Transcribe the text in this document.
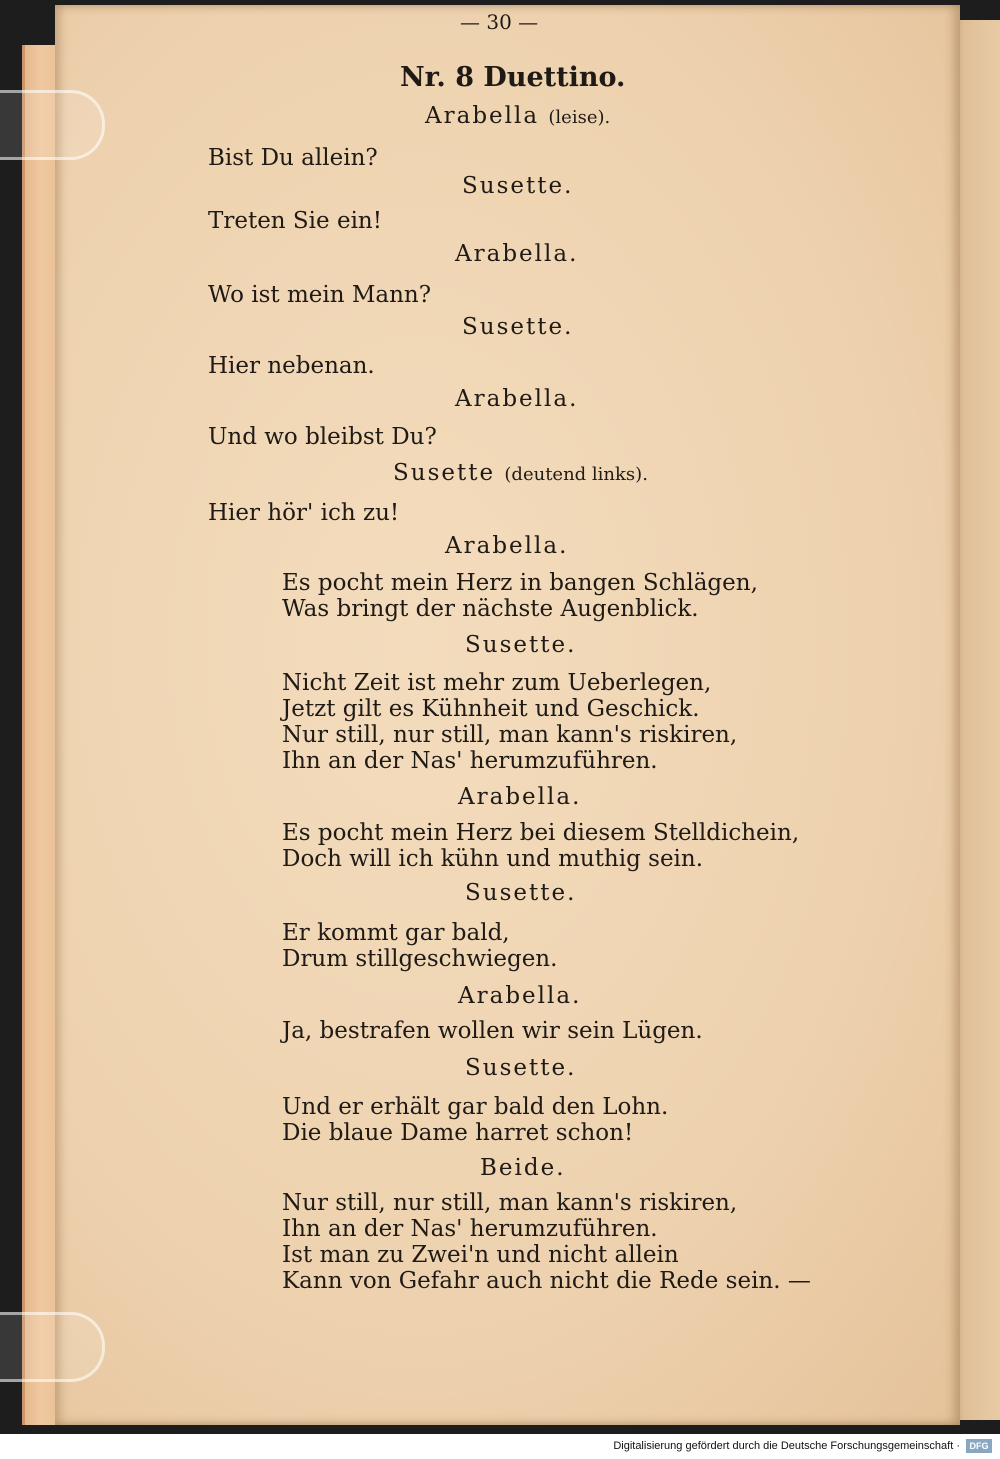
— 30 —
Nr. 8 Duettino.
Arabella (leise).
Bist Du allein?
Susette.
Treten Sie ein!
Arabella.
Wo ist mein Mann?
Susette.
Hier nebenan.
Arabella.
Und wo bleibst Du?
Susette (deutend links).
Hier hör' ich zu!
Arabella.
Es pocht mein Herz in bangen Schlägen,
Was bringt der nächste Augenblick.
Susette.
Nicht Zeit ist mehr zum Ueberlegen,
Jetzt gilt es Kühnheit und Geschick.
Nur still, nur still, man kann's riskiren,
Ihn an der Nas' herumzuführen.
Arabella.
Es pocht mein Herz bei diesem Stelldichein,
Doch will ich kühn und muthig sein.
Susette.
Er kommt gar bald,
Drum stillgeschwiegen.
Arabella.
Ja, bestrafen wollen wir sein Lügen.
Susette.
Und er erhält gar bald den Lohn.
Die blaue Dame harret schon!
Beide.
Nur still, nur still, man kann's riskiren,
Ihn an der Nas' herumzuführen.
Ist man zu Zwei'n und nicht allein
Kann von Gefahr auch nicht die Rede sein. —
Digitalisierung gefördert durch die Deutsche Forschungsgemeinschaft ·	DFG
